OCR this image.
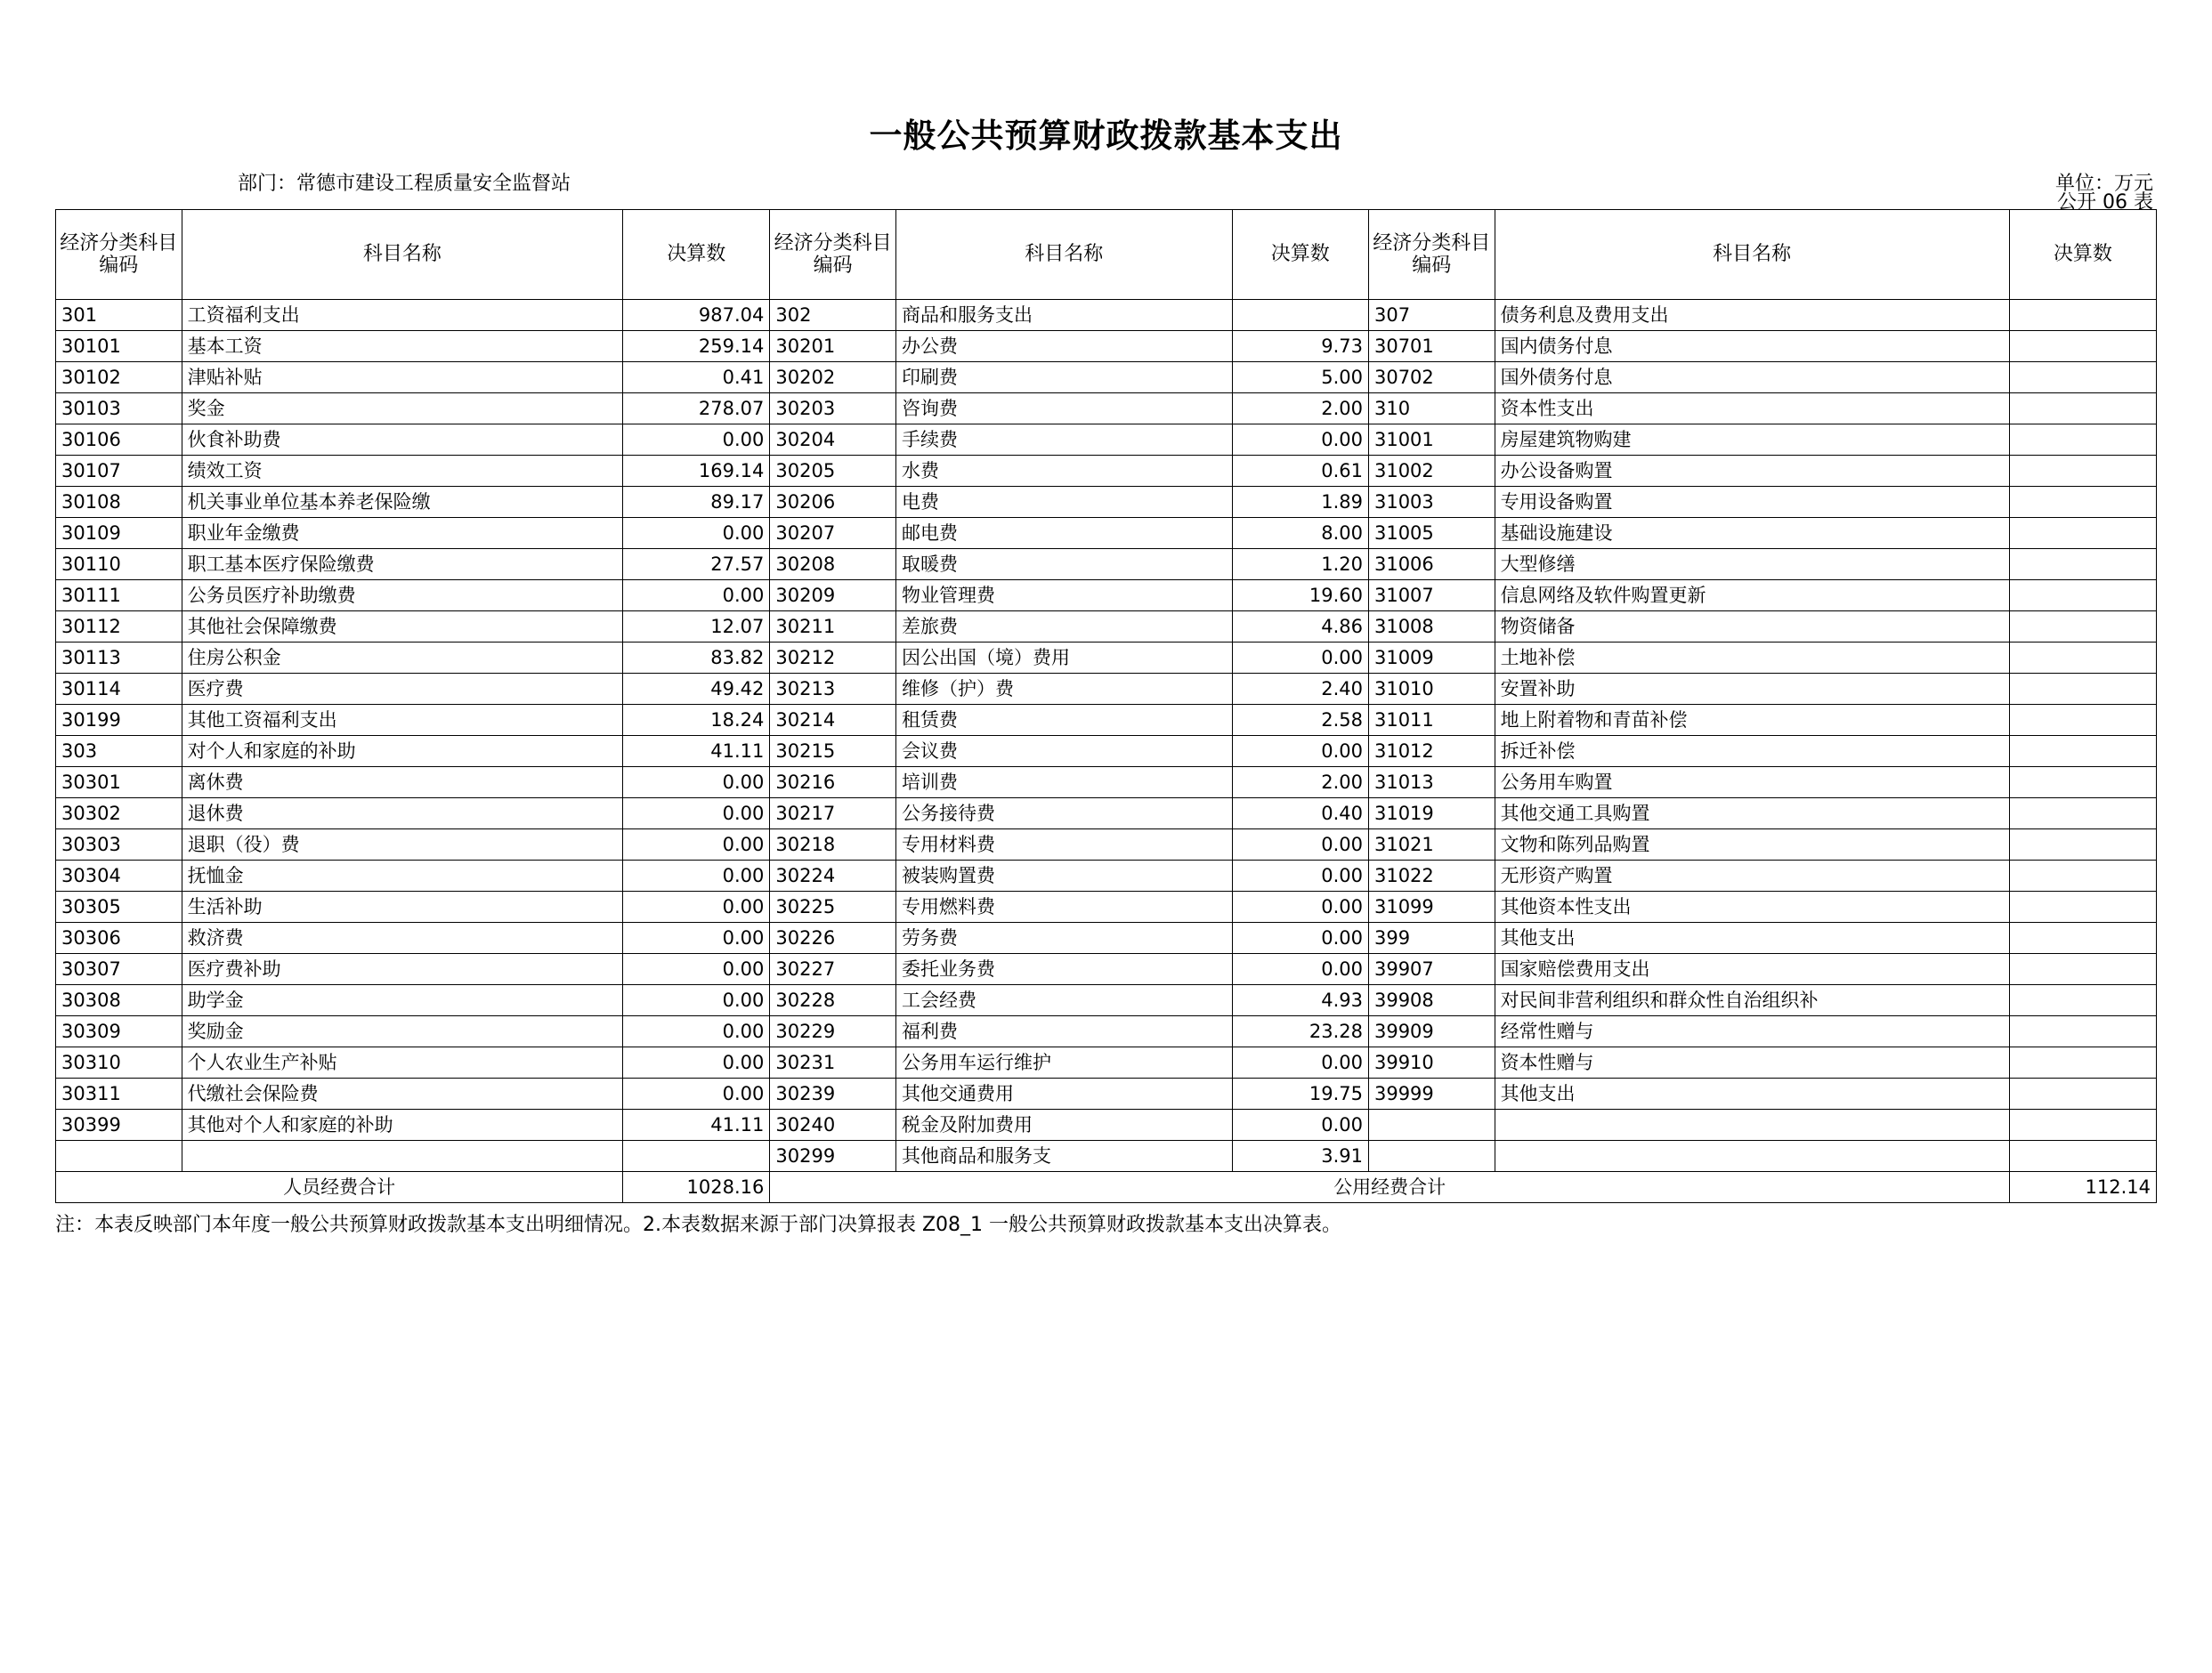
一般公共预算财政拨款基本支出
公开 06 表
部门：常德市建设工程质量安全监督站	单位：万元
经济分类科目编码	科目名称	决算数	经济分类科目编码	科目名称	决算数	经济分类科目编码	科目名称	决算数
301	工资福利支出	987.04	302	商品和服务支出		307	债务利息及费用支出	
30101	基本工资	259.14	30201	办公费	9.73	30701	国内债务付息	
30102	津贴补贴	0.41	30202	印刷费	5.00	30702	国外债务付息	
30103	奖金	278.07	30203	咨询费	2.00	310	资本性支出	
30106	伙食补助费	0.00	30204	手续费	0.00	31001	房屋建筑物购建	
30107	绩效工资	169.14	30205	水费	0.61	31002	办公设备购置	
30108	机关事业单位基本养老保险缴	89.17	30206	电费	1.89	31003	专用设备购置	
30109	职业年金缴费	0.00	30207	邮电费	8.00	31005	基础设施建设	
30110	职工基本医疗保险缴费	27.57	30208	取暖费	1.20	31006	大型修缮	
30111	公务员医疗补助缴费	0.00	30209	物业管理费	19.60	31007	信息网络及软件购置更新	
30112	其他社会保障缴费	12.07	30211	差旅费	4.86	31008	物资储备	
30113	住房公积金	83.82	30212	因公出国（境）费用	0.00	31009	土地补偿	
30114	医疗费	49.42	30213	维修（护）费	2.40	31010	安置补助	
30199	其他工资福利支出	18.24	30214	租赁费	2.58	31011	地上附着物和青苗补偿	
303	对个人和家庭的补助	41.11	30215	会议费	0.00	31012	拆迁补偿	
30301	离休费	0.00	30216	培训费	2.00	31013	公务用车购置	
30302	退休费	0.00	30217	公务接待费	0.40	31019	其他交通工具购置	
30303	退职（役）费	0.00	30218	专用材料费	0.00	31021	文物和陈列品购置	
30304	抚恤金	0.00	30224	被装购置费	0.00	31022	无形资产购置	
30305	生活补助	0.00	30225	专用燃料费	0.00	31099	其他资本性支出	
30306	救济费	0.00	30226	劳务费	0.00	399	其他支出	
30307	医疗费补助	0.00	30227	委托业务费	0.00	39907	国家赔偿费用支出	
30308	助学金	0.00	30228	工会经费	4.93	39908	对民间非营利组织和群众性自治组织补	
30309	奖励金	0.00	30229	福利费	23.28	39909	经常性赠与	
30310	个人农业生产补贴	0.00	30231	公务用车运行维护	0.00	39910	资本性赠与	
30311	代缴社会保险费	0.00	30239	其他交通费用	19.75	39999	其他支出	
30399	其他对个人和家庭的补助	41.11	30240	税金及附加费用	0.00			
			30299	其他商品和服务支	3.91			
人员经费合计		1028.16	公用经费合计					112.14
注：本表反映部门本年度一般公共预算财政拨款基本支出明细情况。2.本表数据来源于部门决算报表 Z08_1 一般公共预算财政拨款基本支出决算表。
